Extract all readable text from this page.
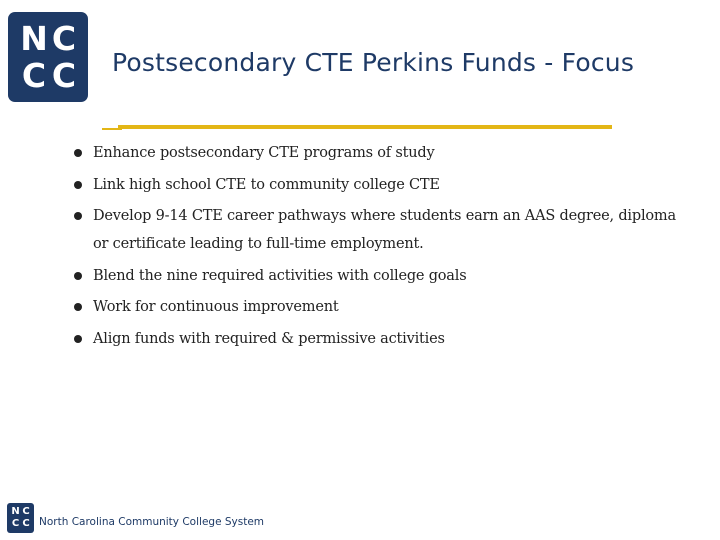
N C
C C Postsecondary CTE Perkins Funds - Focus
Enhance postsecondary CTE programs of study
Link high school CTE to community college CTE
Develop 9-14 CTE career pathways where students earn an AAS degree, diploma or certificate leading to full-time employment.
Blend the nine required activities with college goals
Work for continuous improvement
Align funds with required & permissive activities
N C
C C North Carolina Community College System
